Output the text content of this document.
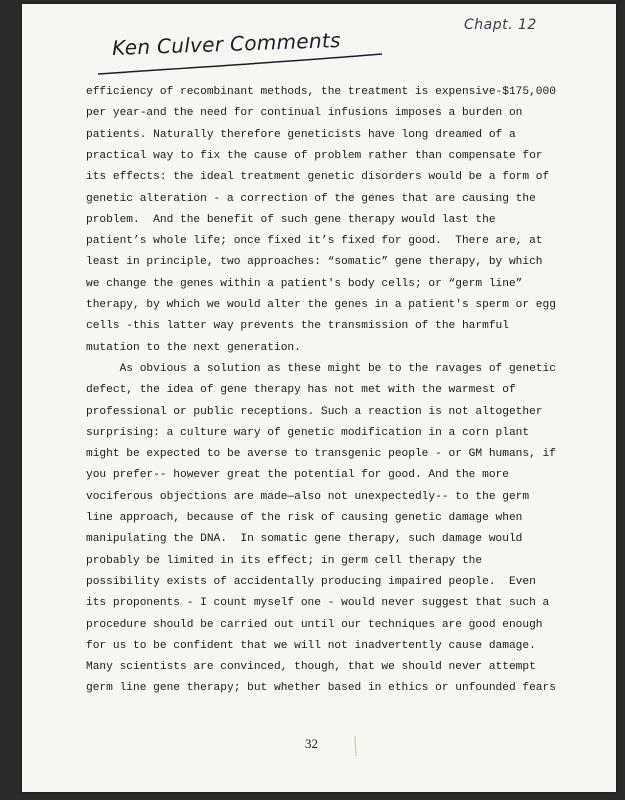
Chapt. 12
Ken Culver Comments
efficiency of recombinant methods, the treatment is expensive-$175,000
per year-and the need for continual infusions imposes a burden on
patients. Naturally therefore geneticists have long dreamed of a
practical way to fix the cause of problem rather than compensate for
its effects: the ideal treatment genetic disorders would be a form of
genetic alteration - a correction of the genes that are causing the
problem.  And the benefit of such gene therapy would last the
patient’s whole life; once fixed it’s fixed for good.  There are, at
least in principle, two approaches: “somatic” gene therapy, by which
we change the genes within a patient's body cells; or “germ line”
therapy, by which we would alter the genes in a patient's sperm or egg
cells -this latter way prevents the transmission of the harmful
mutation to the next generation.
As obvious a solution as these might be to the ravages of genetic
defect, the idea of gene therapy has not met with the warmest of
professional or public receptions. Such a reaction is not altogether
surprising: a culture wary of genetic modification in a corn plant
might be expected to be averse to transgenic people - or GM humans, if
you prefer-- however great the potential for good. And the more
vociferous objections are made—also not unexpectedly-- to the germ
line approach, because of the risk of causing genetic damage when
manipulating the DNA.  In somatic gene therapy, such damage would
probably be limited in its effect; in germ cell therapy the
possibility exists of accidentally producing impaired people.  Even
its proponents - I count myself one - would never suggest that such a
procedure should be carried out until our techniques are good enough
for us to be confident that we will not inadvertently cause damage.
Many scientists are convinced, though, that we should never attempt
germ line gene therapy; but whether based in ethics or unfounded fears
32
